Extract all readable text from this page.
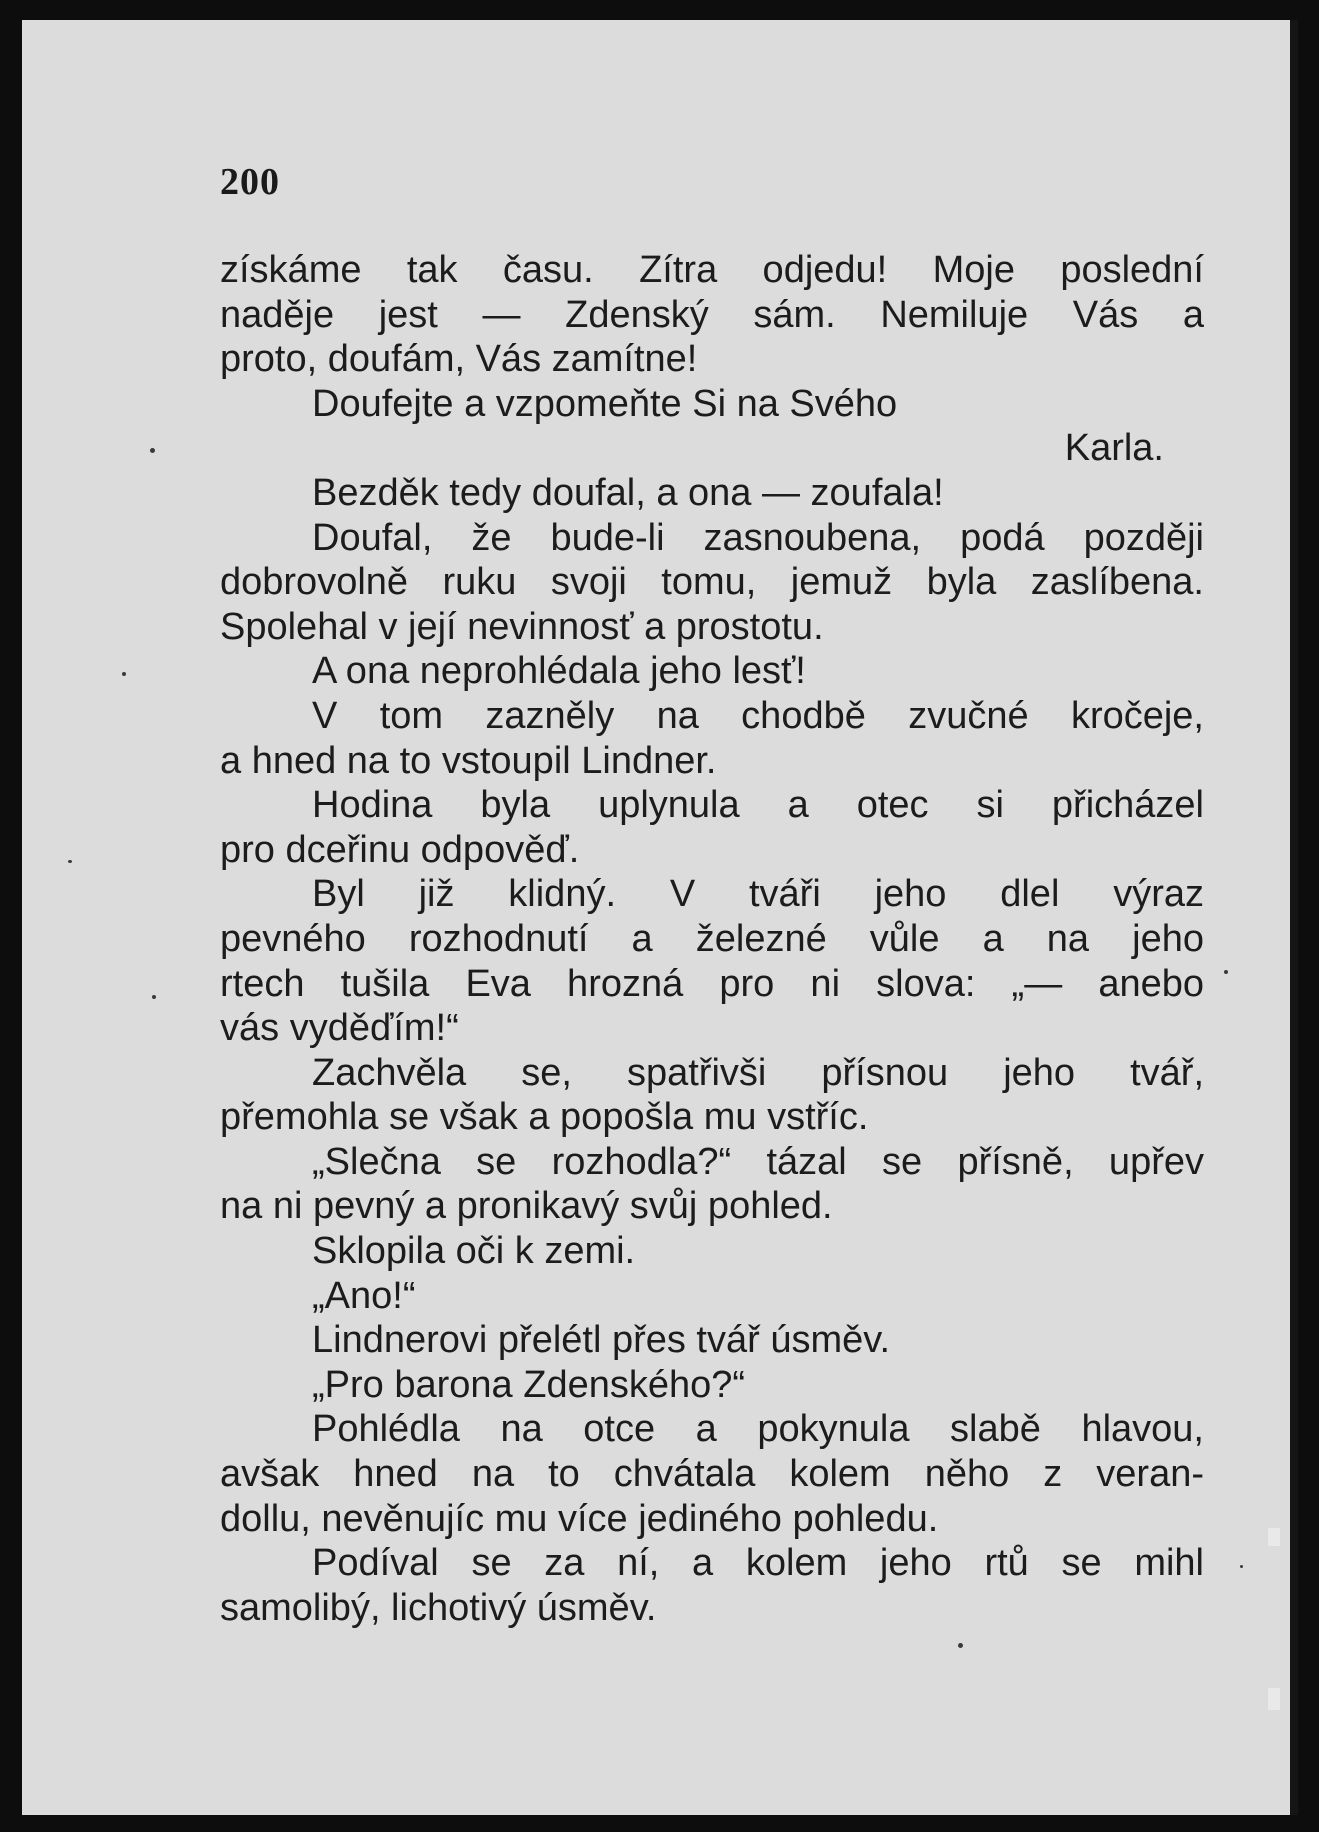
200
získáme tak času. Zítra odjedu! Moje poslední
naděje jest — Zdenský sám. Nemiluje Vás a
proto, doufám, Vás zamítne!
Doufejte a vzpomeňte Si na Svého
Karla.
Bezděk tedy doufal, a ona — zoufala!
Doufal, že bude-li zasnoubena, podá později
dobrovolně ruku svoji tomu, jemuž byla zaslíbena.
Spolehal v její nevinnosť a prostotu.
A ona neprohlédala jeho lesť!
V tom zazněly na chodbě zvučné kročeje,
a hned na to vstoupil Lindner.
Hodina byla uplynula a otec si přicházel
pro dceřinu odpověď.
Byl již klidný. V tváři jeho dlel výraz
pevného rozhodnutí a železné vůle a na jeho
rtech tušila Eva hrozná pro ni slova: „— anebo
vás vyděďím!“
Zachvěla se, spatřivši přísnou jeho tvář,
přemohla se však a popošla mu vstříc.
„Slečna se rozhodla?“ tázal se přísně, upřev
na ni pevný a pronikavý svůj pohled.
Sklopila oči k zemi.
„Ano!“
Lindnerovi přelétl přes tvář úsměv.
„Pro barona Zdenského?“
Pohlédla na otce a pokynula slabě hlavou,
avšak hned na to chvátala kolem něho z veran-
dollu, nevěnujíc mu více jediného pohledu.
Podíval se za ní, a kolem jeho rtů se mihl
samolibý, lichotivý úsměv.
